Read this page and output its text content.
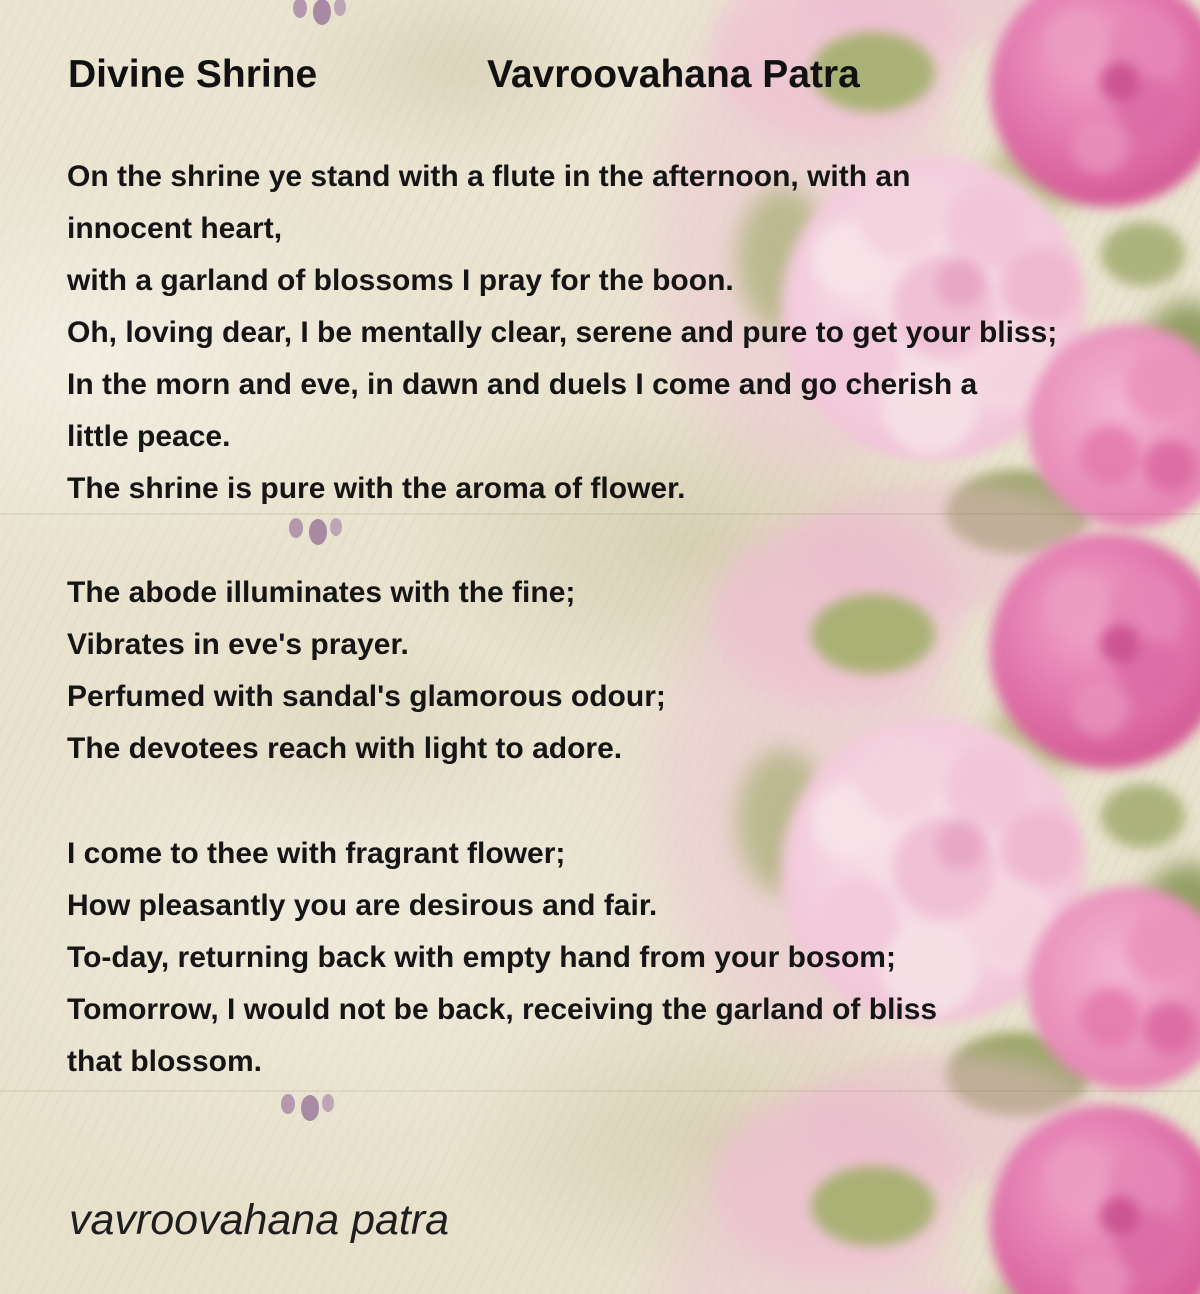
Divine Shrine	Vavroovahana Patra
On the shrine ye stand with a flute in the afternoon, with an
innocent heart,
with a garland of blossoms I pray for the boon.
Oh, loving dear, I be mentally clear, serene and pure to get your bliss;
In the morn and eve, in dawn and duels I come and go cherish a
little peace.
The shrine is pure with the aroma of flower.
The abode illuminates with the fine;
Vibrates in eve's prayer.
Perfumed with sandal's glamorous odour;
The devotees reach with light to adore.
I come to thee with fragrant flower;
How pleasantly you are desirous and fair.
To-day, returning back with empty hand from your bosom;
Tomorrow, I would not be back, receiving the garland of bliss
that blossom.
vavroovahana patra
